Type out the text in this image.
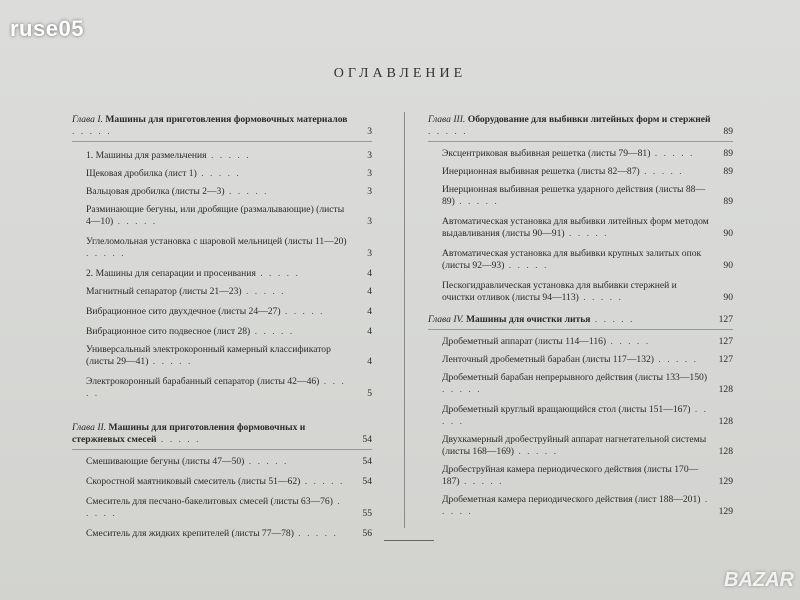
ruse05
BAZAR
ОГЛАВЛЕНИЕ
Глава I. Машины для приготовления формовочных материалов . . . . .	3
1. Машины для размельчения . . . . .	3
Щековая дробилка (лист 1) . . . . .	3
Вальцовая дробилка (листы 2—3) . . . . .	3
Разминающие бегуны, или дробящие (размалывающие) (листы 4—10) . . . . .	3
Углеломольная установка с шаровой мельницей (листы 11—20) . . . . .	3
2. Машины для сепарации и просеивания . . . . .	4
Магнитный сепаратор (листы 21—23) . . . . .	4
Вибрационное сито двухдечное (листы 24—27) . . . . .	4
Вибрационное сито подвесное (лист 28) . . . . .	4
Универсальный электрокоронный камерный классификатор (листы 29—41) . . . . .	4
Электрокоронный барабанный сепаратор (листы 42—46) . . . . .	5
Глава II. Машины для приготовления формовочных и стержневых смесей . . . . .	54
Смешивающие бегуны (листы 47—50) . . . . .	54
Скоростной маятниковый смеситель (листы 51—62) . . . . . 54
Смеситель для песчано-бакелитовых смесей (листы 63—76) . . . . .	55
Смеситель для жидких крепителей (листы 77—78) . . . . .	56
Глава III. Оборудование для выбивки литейных форм и стержней . . . . .	89
Эксцентриковая выбивная решетка (листы 79—81) . . . . .	89
Инерционная выбивная решетка (листы 82—87) . . . . .	89
Инерционная выбивная решетка ударного действия (листы 88—89) . . . . .	89
Автоматическая установка для выбивки литейных форм методом выдавливания (листы 90—91) . . . . .	90
Автоматическая установка для выбивки крупных залитых опок (листы 92—93) . . . . .	90
Пескогидравлическая установка для выбивки стержней и очистки отливок (листы 94—113) . . . . .	90
Глава IV. Машины для очистки литья . . . . .	127
Дробеметный аппарат (листы 114—116) . . . . .	127
Ленточный дробеметный барабан (листы 117—132) . . . . . 127
Дробеметный барабан непрерывного действия (листы 133—150) . . . . .	128
Дробеметный круглый вращающийся стол (листы 151—167) . . . . .	128
Двухкамерный дробеструйный аппарат нагнетательной системы (листы 168—169) . . . . .	128
Дробеструйная камера периодического действия (листы 170—187) . . . . .	129
Дробеметная камера периодического действия (лист 188—201) . . . . .	129
